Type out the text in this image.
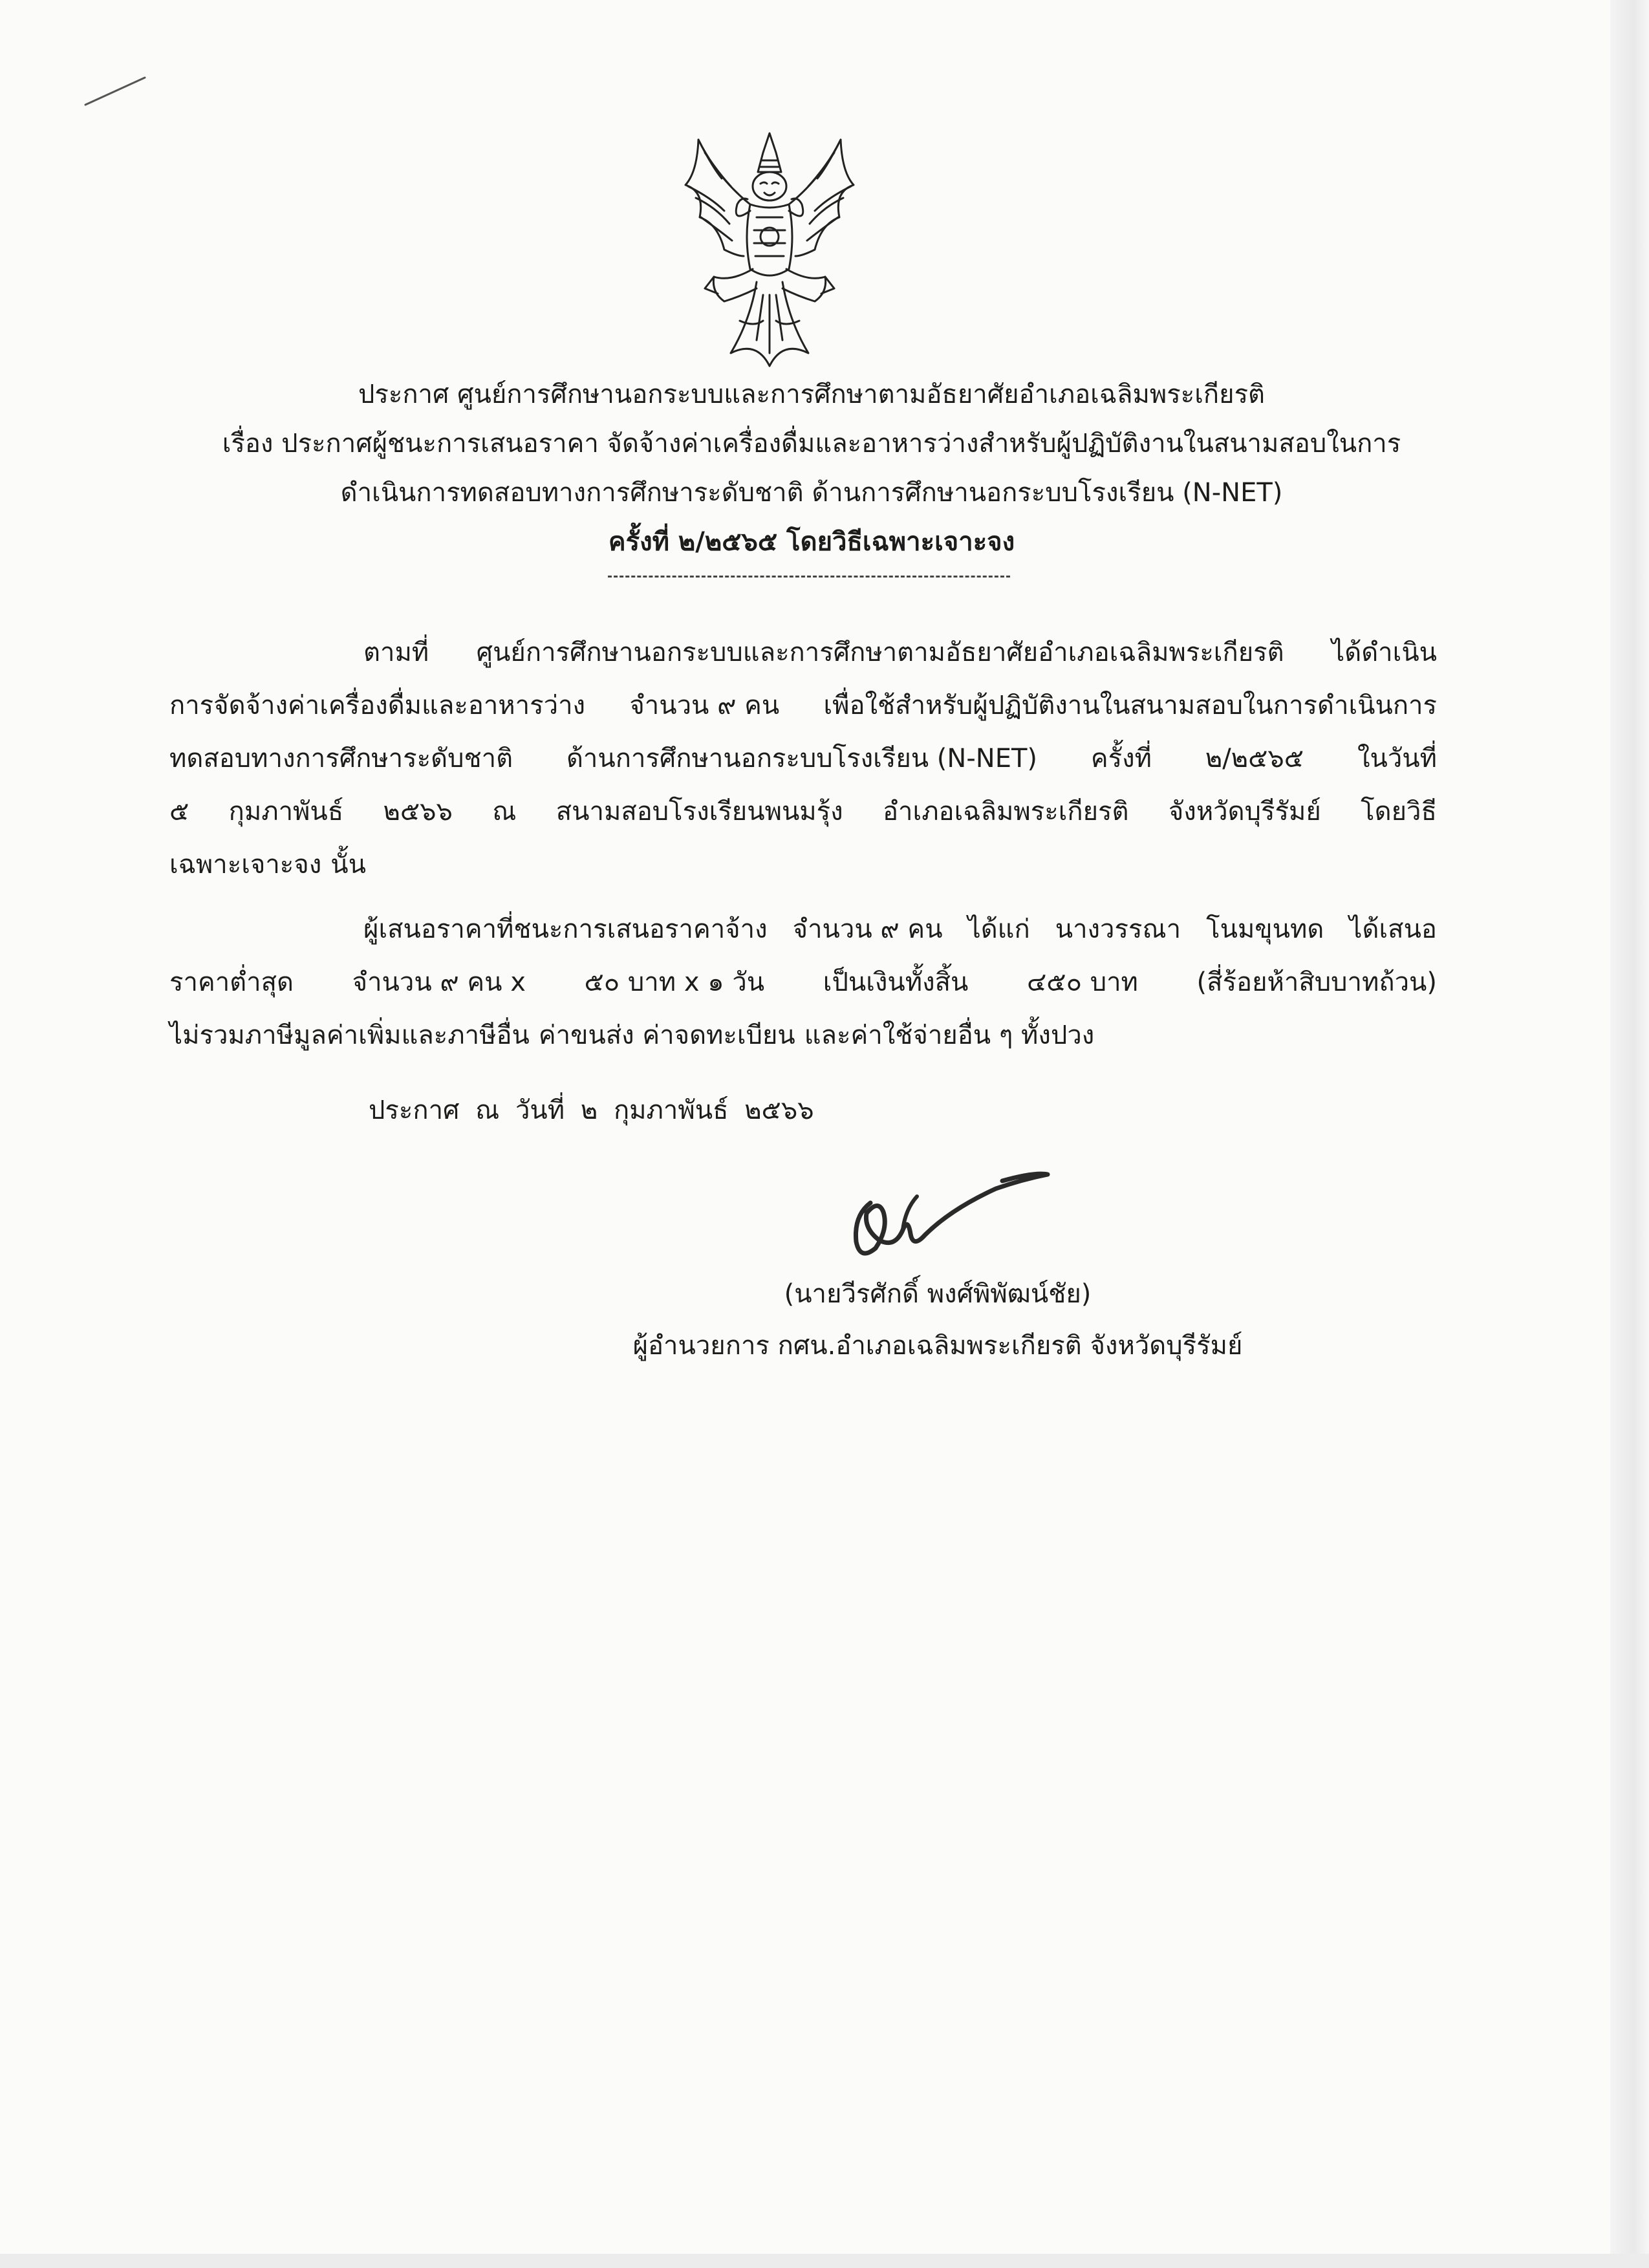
ประกาศ ศูนย์การศึกษานอกระบบและการศึกษาตามอัธยาศัยอำเภอเฉลิมพระเกียรติ
เรื่อง ประกาศผู้ชนะการเสนอราคา จัดจ้างค่าเครื่องดื่มและอาหารว่างสำหรับผู้ปฏิบัติงานในสนามสอบในการ
ดำเนินการทดสอบทางการศึกษาระดับชาติ ด้านการศึกษานอกระบบโรงเรียน (N-NET)
ครั้งที่ ๒/๒๕๖๕ โดยวิธีเฉพาะเจาะจง
ตามที่ ศูนย์การศึกษานอกระบบและการศึกษาตามอัธยาศัยอำเภอเฉลิมพระเกียรติ ได้ดำเนิน
การจัดจ้างค่าเครื่องดื่มและอาหารว่าง จำนวน ๙ คน เพื่อใช้สำหรับผู้ปฏิบัติงานในสนามสอบในการดำเนินการ
ทดสอบทางการศึกษาระดับชาติ ด้านการศึกษานอกระบบโรงเรียน (N-NET) ครั้งที่ ๒/๒๕๖๕ ในวันที่
๕ กุมภาพันธ์ ๒๕๖๖ ณ สนามสอบโรงเรียนพนมรุ้ง อำเภอเฉลิมพระเกียรติ จังหวัดบุรีรัมย์ โดยวิธี
เฉพาะเจาะจง นั้น
ผู้เสนอราคาที่ชนะการเสนอราคาจ้าง จำนวน ๙ คน ได้แก่ นางวรรณา โนมขุนทด ได้เสนอ
ราคาต่ำสุด จำนวน ๙ คน x ๕๐ บาท x ๑ วัน เป็นเงินทั้งสิ้น ๔๕๐ บาท (สี่ร้อยห้าสิบบาทถ้วน)
ไม่รวมภาษีมูลค่าเพิ่มและภาษีอื่น ค่าขนส่ง ค่าจดทะเบียน และค่าใช้จ่ายอื่น ๆ ทั้งปวง
ประกาศ ณ วันที่ ๒ กุมภาพันธ์ ๒๕๖๖
(นายวีรศักดิ์ พงศ์พิพัฒน์ชัย)
ผู้อำนวยการ กศน.อำเภอเฉลิมพระเกียรติ จังหวัดบุรีรัมย์
